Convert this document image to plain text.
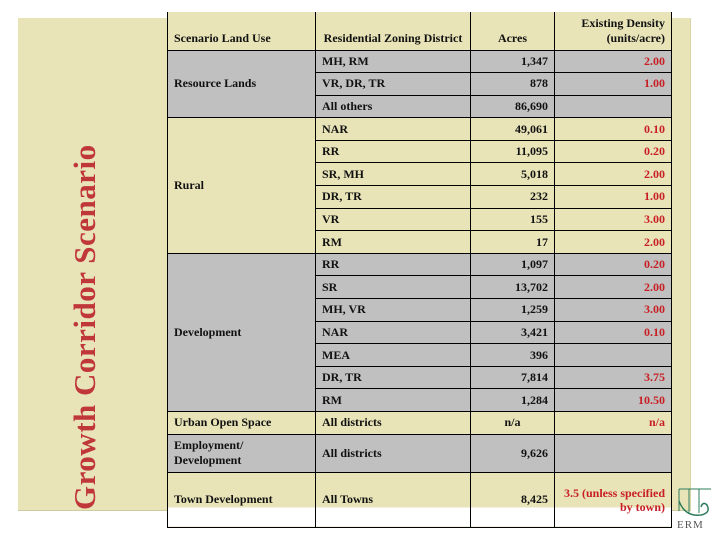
Growth Corridor Scenario
Scenario Land Use	Residential Zoning District	Acres	Existing Density (units/acre)
Resource Lands	MH, RM	1,347	2.00
	VR, DR, TR	878	1.00
	All others	86,690	
Rural	NAR	49,061	0.10
	RR	11,095	0.20
	SR, MH	5,018	2.00
	DR, TR	232	1.00
	VR	155	3.00
	RM	17	2.00
Development	RR	1,097	0.20
	SR	13,702	2.00
	MH, VR	1,259	3.00
	NAR	3,421	0.10
	MEA	396	
	DR, TR	7,814	3.75
	RM	1,284	10.50
Urban Open Space	All districts	n/a	n/a
Employment/ Development	All districts	9,626	
Town Development	All Towns	8,425	3.5 (unless specified by town)
ERM
